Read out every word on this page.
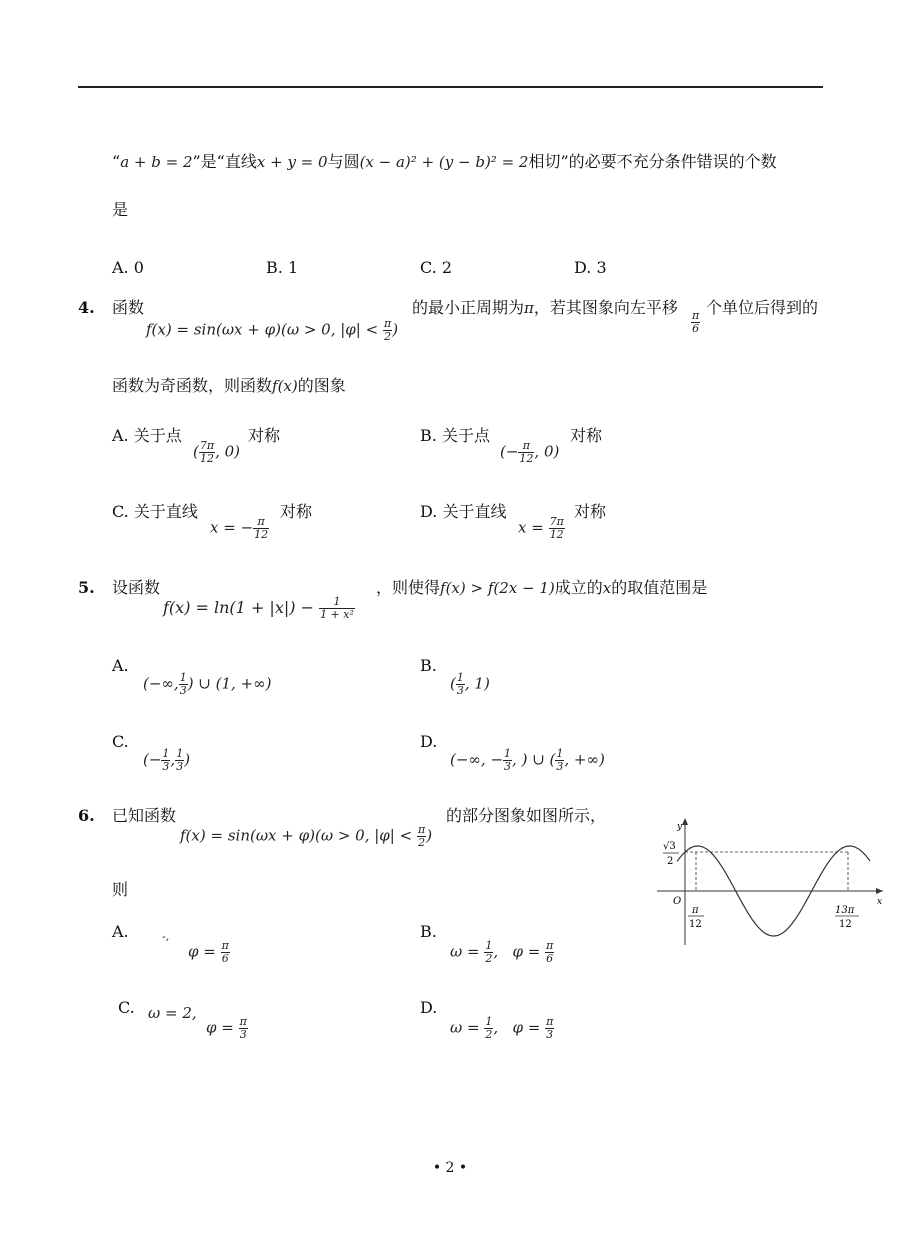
“a + b = 2”是“直线x + y = 0与圆(x − a)² + (y − b)² = 2相切”的必要不充分条件错误的个数
是
A. 0	B. 1	C. 2	D. 3
4. 函数
f(x) = sin(ωx + φ)(ω > 0, $|\varphi| < \frac{\pi}{2}$ )
的最小正周期为π，若其图象向左平移
$\frac{\pi}{6}$
个单位后得到的
函数为奇函数，则函数f(x)的图象
A. 关于点
( $\frac{7\pi}{12}$ , 0)
对称	B. 关于点
(− $\frac{\pi}{12}$ , 0)
对称
C. 关于直线
x = − $\frac{\pi}{12}$
对称	D. 关于直线
$x = \frac{7\pi}{12}$
对称
5. 设函数
$f(x) = \ln(1 + |x|) - \frac{1}{\text{1 + x²}}$
，则使得f(x) > f(2x − 1)成立的x的取值范围是
A.
(−∞, $\frac{1}{3}$ ) ∪ (1, +∞)
B.
( $\frac{1}{3}$ , 1)
C.
(− $\frac{1}{3}$ , $\frac{1}{3}$ )
D.
(−∞, − $\frac{1}{3}$ , ) ∪ ( $\frac{1}{3}$ , +∞)
6. 已知函数
f(x) = sin(ωx + φ)(ω > 0, $|\varphi| < \frac{\pi}{2}$ )
的部分图象如图所示，
则
A.	-,
$\varphi = \frac{\pi}{6}$
B.
$\omega = \frac{1}{2}$ ,   $\varphi = \frac{\pi}{6}$
C. ω = 2,
$\varphi = \frac{\pi}{3}$
D.
$\omega = \frac{1}{2}$ ,   $\varphi = \frac{\pi}{3}$
y
x
O
√3
2
π
12
13π
12
• 2 •
